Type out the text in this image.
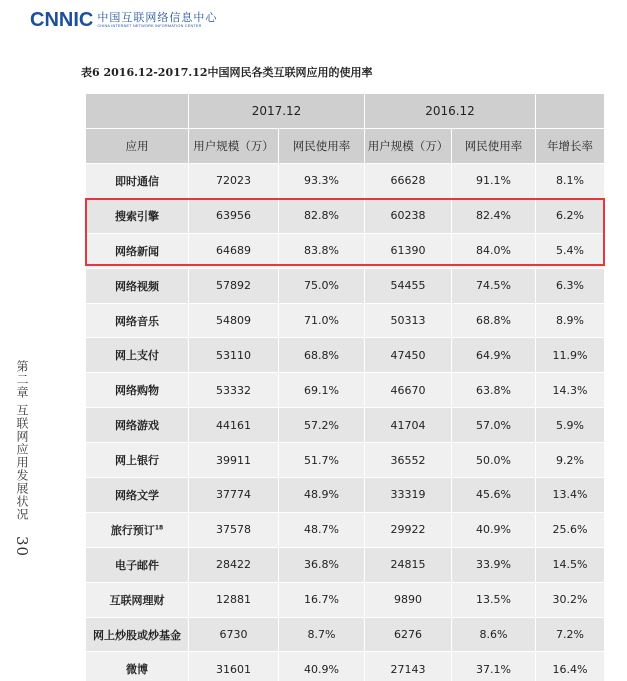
CNNIC 中国互联网络信息中心
CHINA INTERNET NETWORK INFORMATION CENTER
表6 2016.12-2017.12中国网民各类互联网应用的使用率
第二章 互联网应用发展状况 30
	2017.12		2016.12		
应用	用户规模（万）	网民使用率	用户规模（万）	网民使用率	年增长率
即时通信	72023	93.3%	66628	91.1%	8.1%
搜索引擎	63956	82.8%	60238	82.4%	6.2%
网络新闻	64689	83.8%	61390	84.0%	5.4%
网络视频	57892	75.0%	54455	74.5%	6.3%
网络音乐	54809	71.0%	50313	68.8%	8.9%
网上支付	53110	68.8%	47450	64.9%	11.9%
网络购物	53332	69.1%	46670	63.8%	14.3%
网络游戏	44161	57.2%	41704	57.0%	5.9%
网上银行	39911	51.7%	36552	50.0%	9.2%
网络文学	37774	48.9%	33319	45.6%	13.4%
旅行预订$^{18}$	37578	48.7%	29922	40.9%	25.6%
电子邮件	28422	36.8%	24815	33.9%	14.5%
互联网理财	12881	16.7%	9890	13.5%	30.2%
网上炒股或炒基金	6730	8.7%	6276	8.6%	7.2%
微博	31601	40.9%	27143	37.1%	16.4%
